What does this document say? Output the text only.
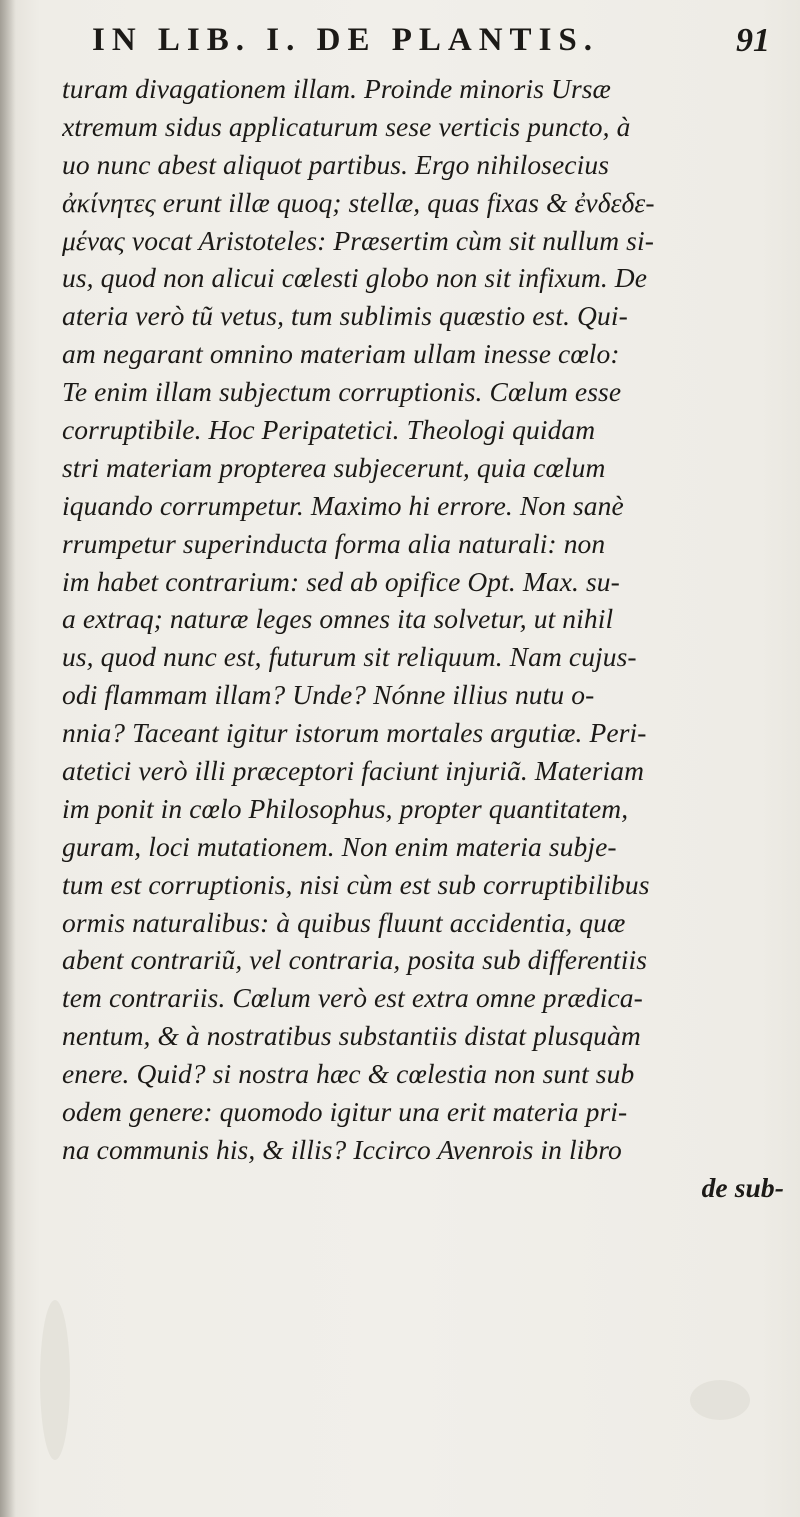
IN LIB. I. DE PLANTIS.	91
turam divagationem illam. Proinde minoris Ursæ
xtremum sidus applicaturum sese verticis puncto, à
uo nunc abest aliquot partibus. Ergo nihilosecius
ἀκίνητες erunt illæ quoq; stellæ, quas fixas & ἐνδεδε-
μένας vocat Aristoteles: Præsertim cùm sit nullum si-
us, quod non alicui cœlesti globo non sit infixum. De
ateria verò tũ vetus, tum sublimis quæstio est. Qui-
am negarant omnino materiam ullam inesse cœlo:
Te enim illam subjectum corruptionis. Cœlum esse
corruptibile. Hoc Peripatetici. Theologi quidam
stri materiam propterea subjecerunt, quia cœlum
iquando corrumpetur. Maximo hi errore. Non sanè
rrumpetur superinducta forma alia naturali: non
im habet contrarium: sed ab opifice Opt. Max. su-
a extraq; naturæ leges omnes ita solvetur, ut nihil
us, quod nunc est, futurum sit reliquum. Nam cujus-
odi flammam illam? Unde? Nónne illius nutu o-
nnia? Taceant igitur istorum mortales argutiæ. Peri-
atetici verò illi præceptori faciunt injuriã. Materiam
im ponit in cœlo Philosophus, propter quantitatem,
guram, loci mutationem. Non enim materia subje-
tum est corruptionis, nisi cùm est sub corruptibilibus
ormis naturalibus: à quibus fluunt accidentia, quæ
abent contrariũ, vel contraria, posita sub differentiis
tem contrariis. Cœlum verò est extra omne prædica-
nentum, & à nostratibus substantiis distat plusquàm
enere. Quid? si nostra hæc & cœlestia non sunt sub
odem genere: quomodo igitur una erit materia pri-
na communis his, & illis? Iccirco Avenrois in libro
de sub-
